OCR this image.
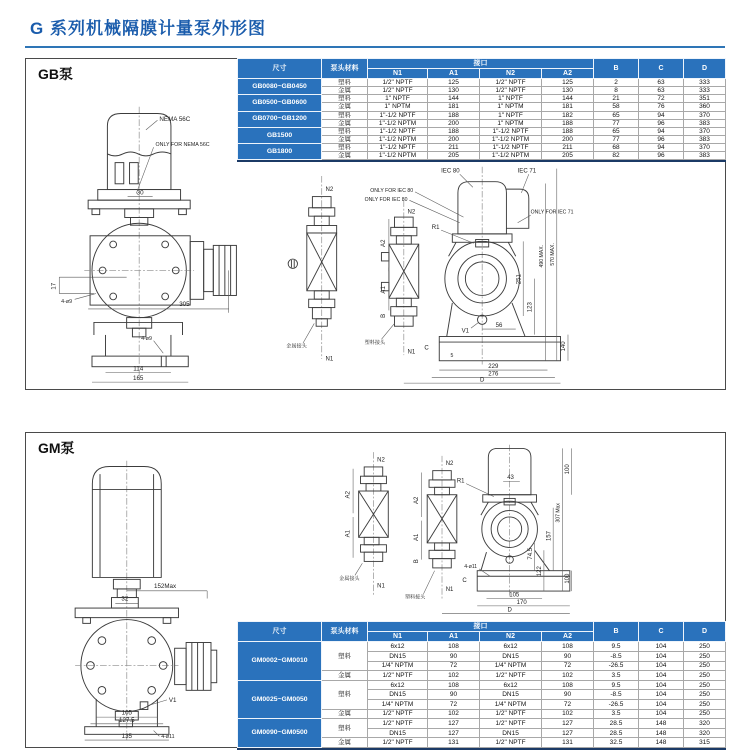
G 系列机械隔膜计量泵外形图
GB泵	尺寸	泵头材料	接口				B	C	D
		N1	A1	N2	A2			
GB0080~GB0450	塑料	1/2" NPTF	125	1/2" NPTF	125	2	63	333
	金属	1/2" NPTF	130	1/2" NPTF	130	8	63	333
GB0500~GB0600	塑料	1" NPTF	144	1" NPTF	144	21	72	351
	金属	1" NPTM	181	1" NPTM	181	58	76	360
GB0700~GB1200	塑料	1"-1/2 NPTF	188	1" NPTF	182	65	94	370
	金属	1"-1/2 NPTM	200	1" NPTM	188	77	96	383
GB1500	塑料	1"-1/2 NPTF	188	1"-1/2 NPTF	188	65	94	370
	金属	1"-1/2 NPTM	200	1"-1/2 NPTM	200	77	96	383
GB1800	塑料	1"-1/2 NPTF	211	1"-1/2 NPTF	211	68	94	370
	金属	1"-1/2 NPTM	205	1"-1/2 NPTM	205	82	96	383
30
NEMA 56C
ONLY FOR NEMA 56C
17
4-ø9	305
4-ø9
114
165
N2
N1
金属接头
N2
N1
塑料接头
A2
A1
B
C
IEC 80	IEC 71
ONLY FOR IEC 80
ONLY FOR IEC 80
ONLY FOR IEC 71
R1
V1
56
5
251
123
490 MAX. 570 MAX.
140
229
276
D
GM泵
尺寸	泵头材料	接口				B	C	D
		N1	A1	N2	A2			
GM0002~GM0010	塑料	6x12	108	6x12	108	9.5	104	250
		DN15	90	DN15	90	-8.5	104	250
		1/4" NPTM	72	1/4" NPTM	72	-26.5	104	250
	金属	1/2" NPTF	102	1/2" NPTF	102	3.5	104	250
GM0025~GM0050	塑料	6x12	108	6x12	108	9.5	104	250
		DN15	90	DN15	90	-8.5	104	250
		1/4" NPTM	72	1/4" NPTM	72	-26.5	104	250
	金属	1/2" NPTF	102	1/2" NPTF	102	3.5	104	250
GM0090~GM0500	塑料	1/2" NPTF	127	1/2" NPTF	127	28.5	148	320
		DN15	127	DN15	127	28.5	148	320
	金属	1/2" NPTF	131	1/2" NPTF	131	32.5	148	315
152Max
32
V1
105
127.5
4-ø11
135
N2
N1
金属接头
A2
A1
N2
N1
塑料接头
A2
A1
B
C
R1
43
4-ø11
74.5
122
157
307 Max
100
100
105
170
D
